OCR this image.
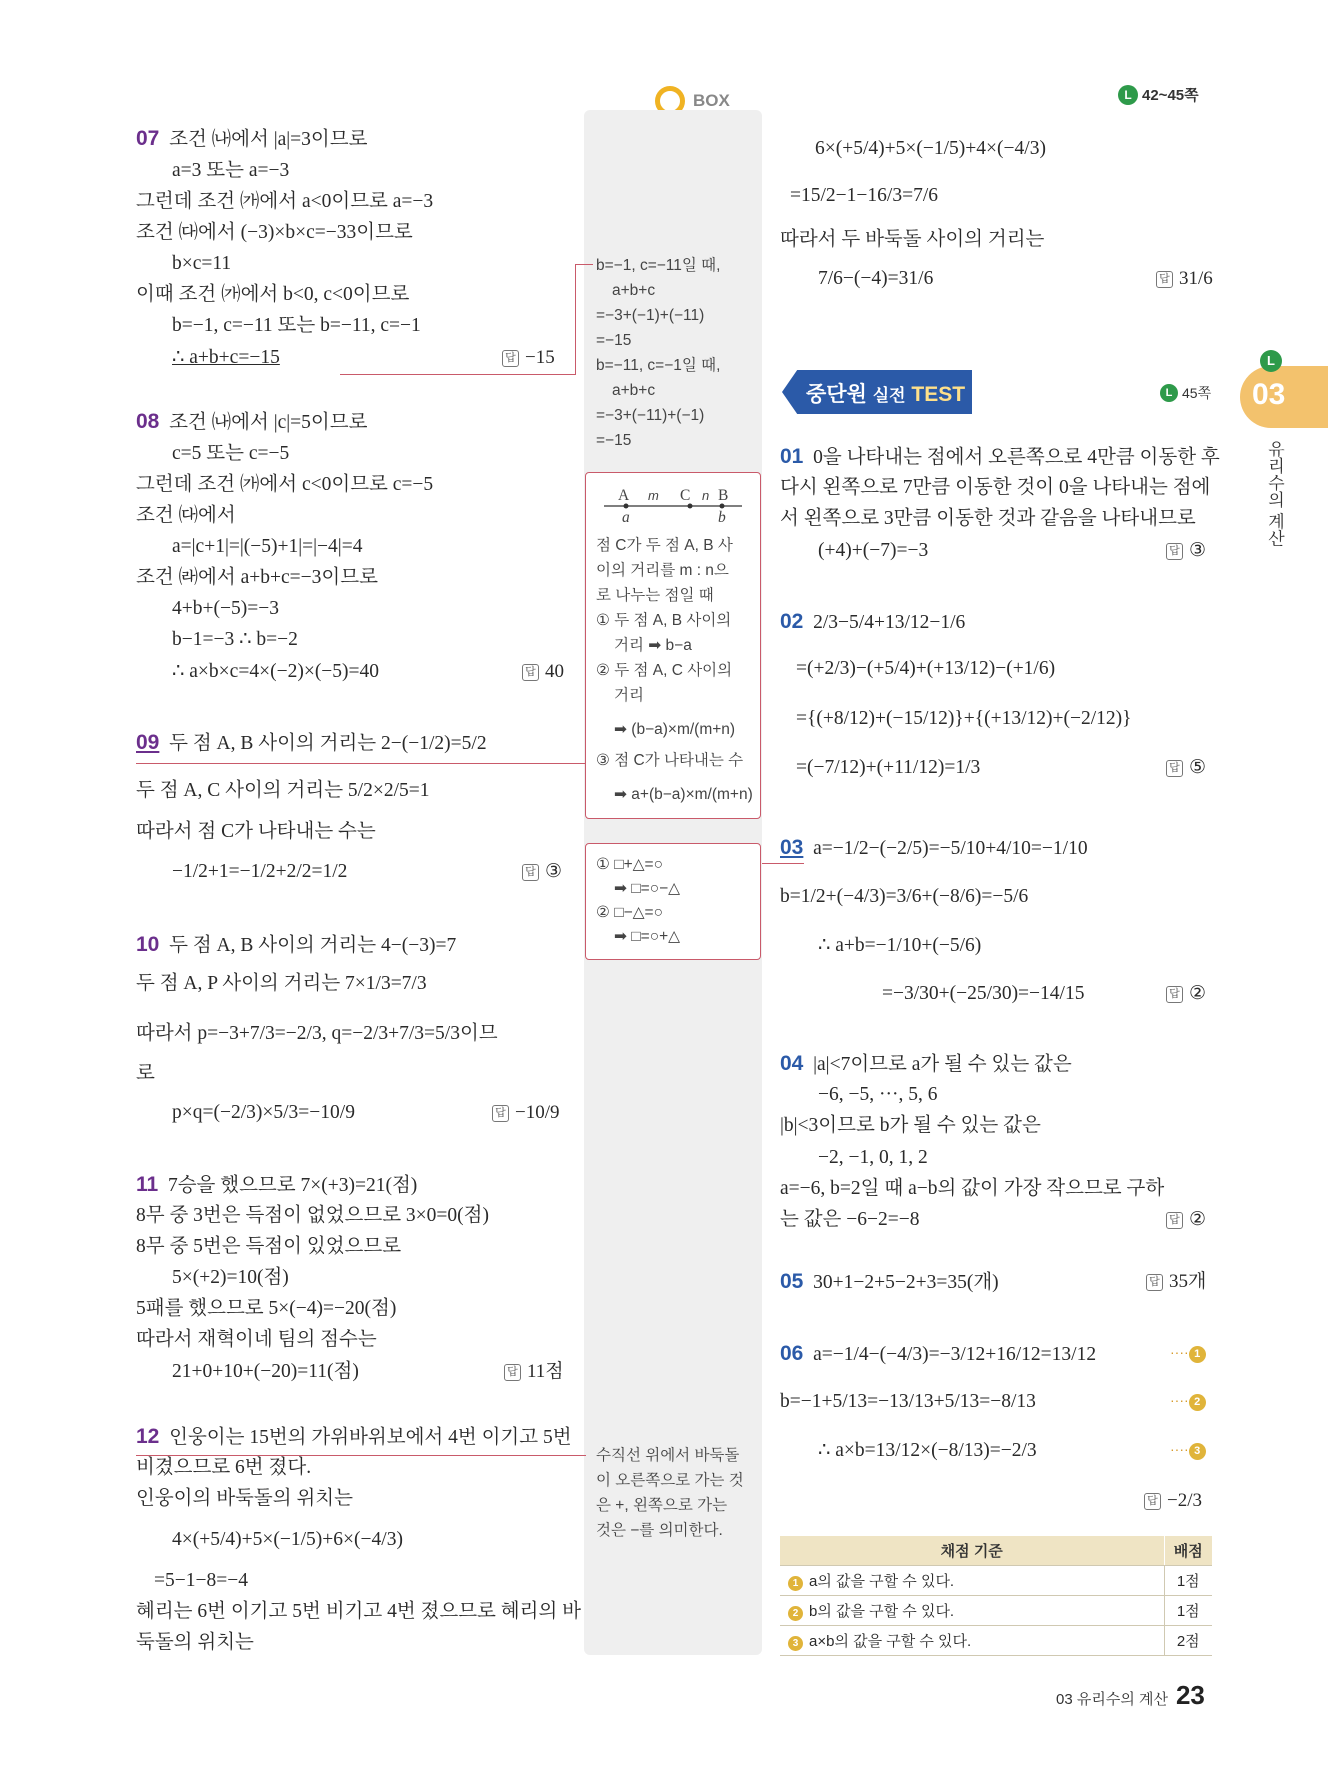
BOX	L 42~45쪽
L
03
유리수의 계산
07 조건 ㈏에서 |a|=3이므로
a=3 또는 a=−3
그런데 조건 ㈎에서 a<0이므로 a=−3
조건 ㈐에서 (−3)×b×c=−33이므로
b×c=11
이때 조건 ㈎에서 b<0, c<0이므로
b=−1, c=−11 또는 b=−11, c=−1
∴ a+b+c=−15	답 −15
08 조건 ㈏에서 |c|=5이므로
c=5 또는 c=−5
그런데 조건 ㈎에서 c<0이므로 c=−5
조건 ㈐에서
a=|c+1|=|(−5)+1|=|−4|=4
조건 ㈑에서 a+b+c=−3이므로
4+b+(−5)=−3
b−1=−3 ∴ b=−2
∴ a×b×c=4×(−2)×(−5)=40	답 40
09 두 점 A, B 사이의 거리는 2−(−1/2)=5/2
두 점 A, C 사이의 거리는 5/2×2/5=1
따라서 점 C가 나타내는 수는
−1/2+1=−1/2+2/2=1/2	답 ③
10 두 점 A, B 사이의 거리는 4−(−3)=7
두 점 A, P 사이의 거리는 7×1/3=7/3
따라서 p=−3+7/3=−2/3, q=−2/3+7/3=5/3이므
로
p×q=(−2/3)×5/3=−10/9	답 −10/9
11 7승을 했으므로 7×(+3)=21(점)
8무 중 3번은 득점이 없었으므로 3×0=0(점)
8무 중 5번은 득점이 있었으므로
5×(+2)=10(점)
5패를 했으므로 5×(−4)=−20(점)
따라서 재혁이네 팀의 점수는
21+0+10+(−20)=11(점)	답 11점
12 인웅이는 15번의 가위바위보에서 4번 이기고 5번
비겼으므로 6번 졌다.
인웅이의 바둑돌의 위치는
4×(+5/4)+5×(−1/5)+6×(−4/3)
=5−1−8=−4
혜리는 6번 이기고 5번 비기고 4번 졌으므로 혜리의 바
둑돌의 위치는
b=−1, c=−11일 때,
a+b+c
=−3+(−1)+(−11)
=−15
b=−11, c=−1일 때,
a+b+c
=−3+(−11)+(−1)
=−15
A m C n B
a	b
점 C가 두 점 A, B 사
이의 거리를 m : n으
로 나누는 점일 때
① 두 점 A, B 사이의
거리 ➡ b−a
② 두 점 A, C 사이의
거리
➡ (b−a)×m/(m+n)
③ 점 C가 나타내는 수
➡ a+(b−a)×m/(m+n)
① □+△=○
➡ □=○−△
② □−△=○
➡ □=○+△
수직선 위에서 바둑돌
이 오른쪽으로 가는 것
은 +, 왼쪽으로 가는
것은 −를 의미한다.
6×(+5/4)+5×(−1/5)+4×(−4/3)
=15/2−1−16/3=7/6
따라서 두 바둑돌 사이의 거리는
7/6−(−4)=31/6	답 31/6
중단원 실전 TEST	L 45쪽
01 0을 나타내는 점에서 오른쪽으로 4만큼 이동한 후
다시 왼쪽으로 7만큼 이동한 것이 0을 나타내는 점에
서 왼쪽으로 3만큼 이동한 것과 같음을 나타내므로
(+4)+(−7)=−3	답 ③
02 2/3−5/4+13/12−1/6
=(+2/3)−(+5/4)+(+13/12)−(+1/6)
={(+8/12)+(−15/12)}+{(+13/12)+(−2/12)}
=(−7/12)+(+11/12)=1/3	답 ⑤
03 a=−1/2−(−2/5)=−5/10+4/10=−1/10
b=1/2+(−4/3)=3/6+(−8/6)=−5/6
∴ a+b=−1/10+(−5/6)
=−3/30+(−25/30)=−14/15	답 ②
04 |a|<7이므로 a가 될 수 있는 값은
−6, −5, ···, 5, 6
|b|<3이므로 b가 될 수 있는 값은
−2, −1, 0, 1, 2
a=−6, b=2일 때 a−b의 값이 가장 작으므로 구하
는 값은 −6−2=−8	답 ②
05 30+1−2+5−2+3=35(개)	답 35개
06 a=−1/4−(−4/3)=−3/12+16/12=13/12	···· 1
b=−1+5/13=−13/13+5/13=−8/13	···· 2
∴ a×b=13/12×(−8/13)=−2/3	···· 3
답 −2/3
채점 기준	배점
1 a의 값을 구할 수 있다.	1점
2 b의 값을 구할 수 있다.	1점
3 a×b의 값을 구할 수 있다.	2점
03 유리수의 계산 23
